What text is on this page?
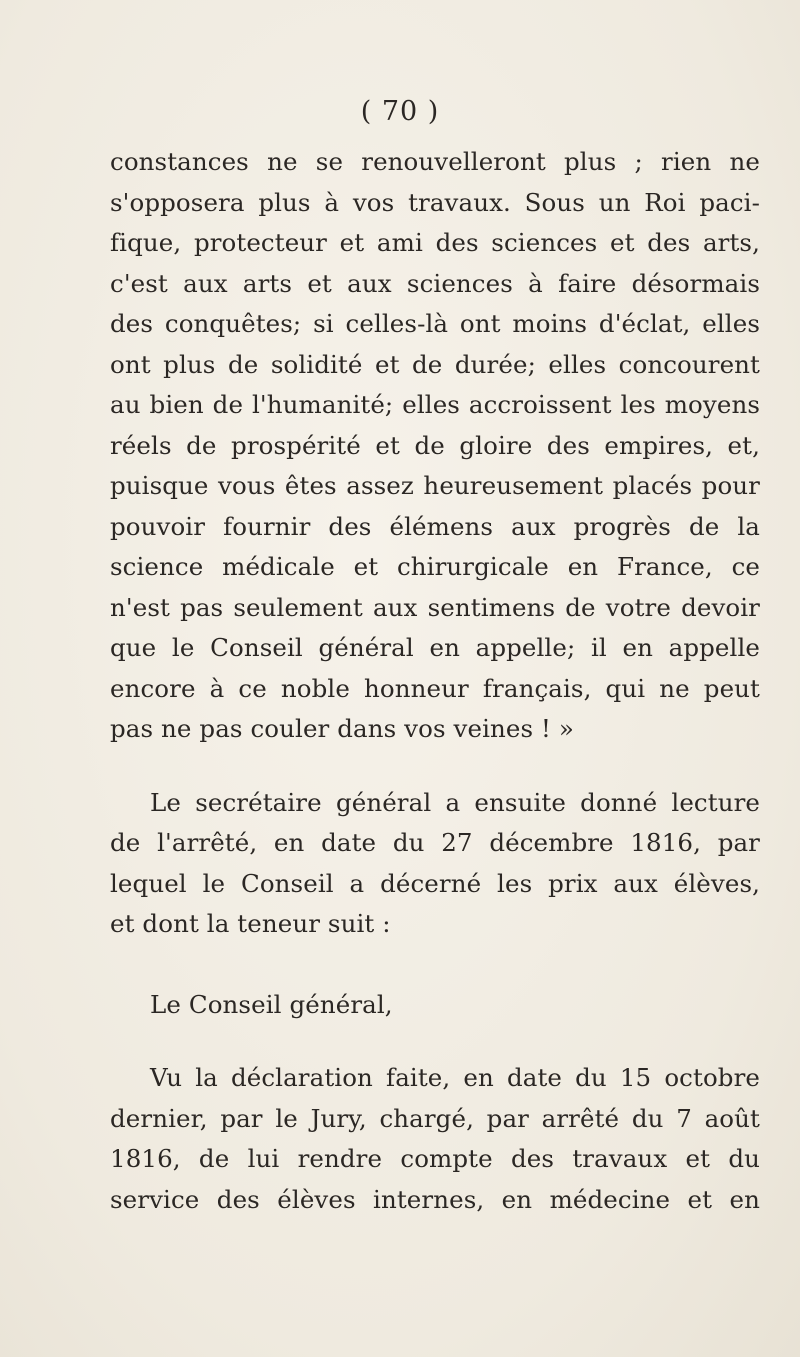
( 70 )
constances ne se renouvelleront plus ; rien ne
s'opposera plus à vos travaux. Sous un Roi paci-
fique, protecteur et ami des sciences et des arts,
c'est aux arts et aux sciences à faire désormais
des conquêtes; si celles-là ont moins d'éclat, elles
ont plus de solidité et de durée; elles concourent
au bien de l'humanité; elles accroissent les moyens
réels de prospérité et de gloire des empires, et,
puisque vous êtes assez heureusement placés pour
pouvoir fournir des élémens aux progrès de la
science médicale et chirurgicale en France, ce
n'est pas seulement aux sentimens de votre devoir
que le Conseil général en appelle; il en appelle
encore à ce noble honneur français, qui ne peut
pas ne pas couler dans vos veines ! »
Le secrétaire général a ensuite donné lecture
de l'arrêté, en date du 27 décembre 1816, par
lequel le Conseil a décerné les prix aux élèves,
et dont la teneur suit :
Le Conseil général,
Vu la déclaration faite, en date du 15 octobre
dernier, par le Jury, chargé, par arrêté du 7 août
1816, de lui rendre compte des travaux et du
service des élèves internes, en médecine et en
